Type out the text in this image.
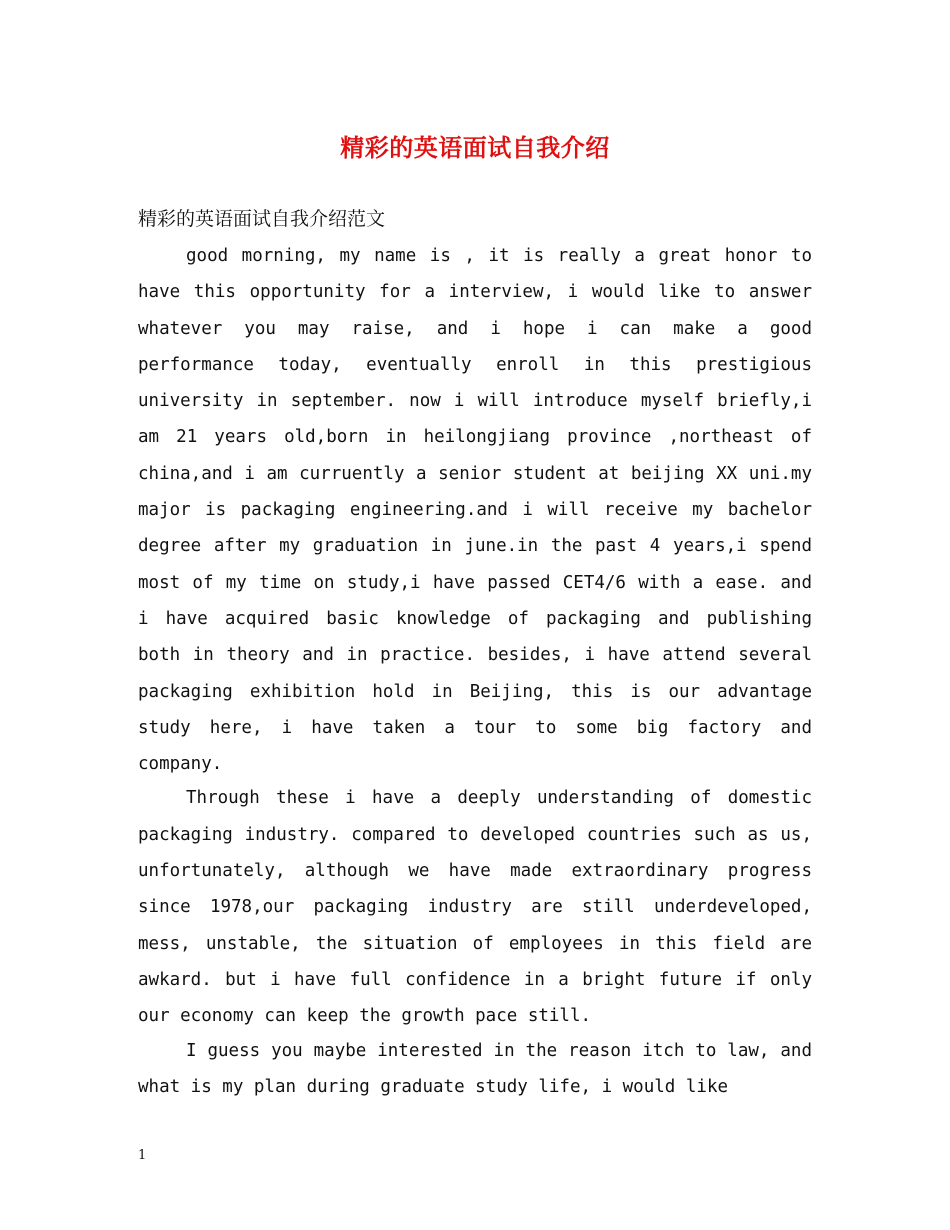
精彩的英语面试自我介绍
精彩的英语面试自我介绍范文

good morning, my name is , it is really a great honor to have this opportunity for a interview, i would like to answer whatever you may raise, and i hope i can make a good performance today, eventually enroll in this prestigious university in september. now i will introduce myself briefly,i am 21 years old,born in heilongjiang province ,northeast of china,and i am curruently a senior student at beijing XX uni.my major is packaging engineering.and i will receive my bachelor degree after my graduation in june.in the past 4 years,i spend most of my time on study,i have passed CET4/6 with a ease. and i have acquired basic knowledge of packaging and publishing both in theory and in practice. besides, i have attend several packaging exhibition hold in Beijing, this is our advantage study here, i have taken a tour to some big factory and company.

Through these i have a deeply understanding of domestic packaging industry. compared to developed countries such as us, unfortunately, although we have made extraordinary progress since 1978,our packaging industry are still underdeveloped, mess, unstable, the situation of employees in this field are awkard. but i have full confidence in a bright future if only our economy can keep the growth pace still.

I guess you maybe interested in the reason itch to law, and what is my plan during graduate study life, i would like

1
